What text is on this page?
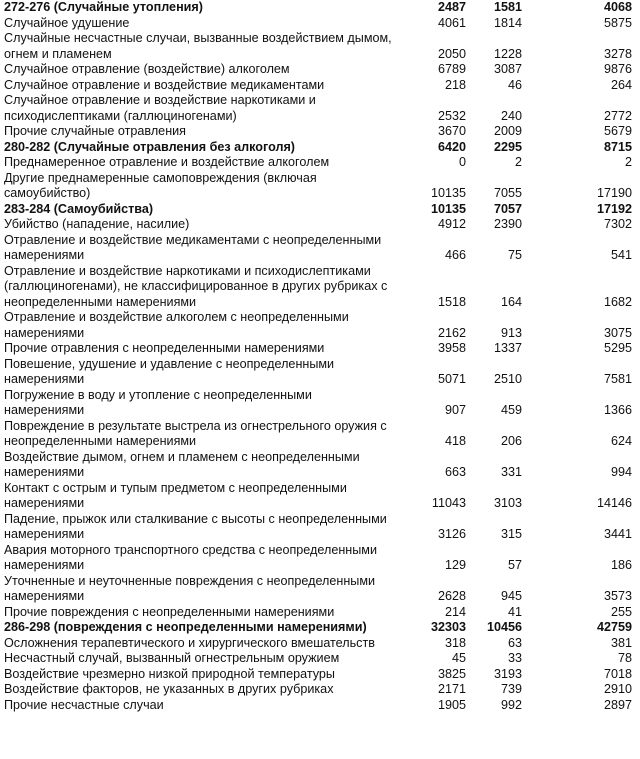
272-276 (Случайные утопления)	2487	1581	4068
Случайное удушение	4061	1814	5875
Случайные несчастные случаи, вызванные воздействием дымом, огнем и пламенем	2050	1228	3278
Случайное отравление (воздействие) алкоголем	6789	3087	9876
Случайное отравление и воздействие медикаментами	218	46	264
Случайное отравление и воздействие наркотиками и психодислептиками (галлюциногенами)	2532	240	2772
Прочие случайные отравления	3670	2009	5679
280-282 (Случайные отравления без алкоголя)	6420	2295	8715
Преднамеренное отравление и воздействие алкоголем	0	2	2
Другие преднамеренные самоповреждения (включая самоубийство)	10135	7055	17190
283-284 (Самоубийства)	10135	7057	17192
Убийство (нападение, насилие)	4912	2390	7302
Отравление и воздействие медикаментами с неопределенными намерениями	466	75	541
Отравление и воздействие наркотиками и психодислептиками (галлюциногенами), не классифицированное в других рубриках с неопределенными намерениями	1518	164	1682
Отравление и воздействие алкоголем с неопределенными намерениями	2162	913	3075
Прочие отравления с неопределенными намерениями	3958	1337	5295
Повешение, удушение и удавление с неопределенными намерениями	5071	2510	7581
Погружение в воду и утопление с неопределенными намерениями	907	459	1366
Повреждение в результате выстрела из огнестрельного оружия с неопределенными намерениями	418	206	624
Воздействие дымом, огнем и пламенем с неопределенными намерениями	663	331	994
Контакт с острым и тупым предметом с неопределенными намерениями	11043	3103	14146
Падение, прыжок или сталкивание с высоты с неопределенными намерениями	3126	315	3441
Авария моторного транспортного средства с неопределенными намерениями	129	57	186
Уточненные и неуточненные повреждения с неопределенными намерениями	2628	945	3573
Прочие повреждения с неопределенными намерениями	214	41	255
286-298 (повреждения с неопределенными намерениями)	32303	10456	42759
Осложнения терапевтического и хирургического вмешательств	318	63	381
Несчастный случай, вызванный огнестрельным оружием	45	33	78
Воздействие чрезмерно низкой природной температуры	3825	3193	7018
Воздействие факторов, не указанных в других рубриках	2171	739	2910
Прочие несчастные случаи	1905	992	2897
